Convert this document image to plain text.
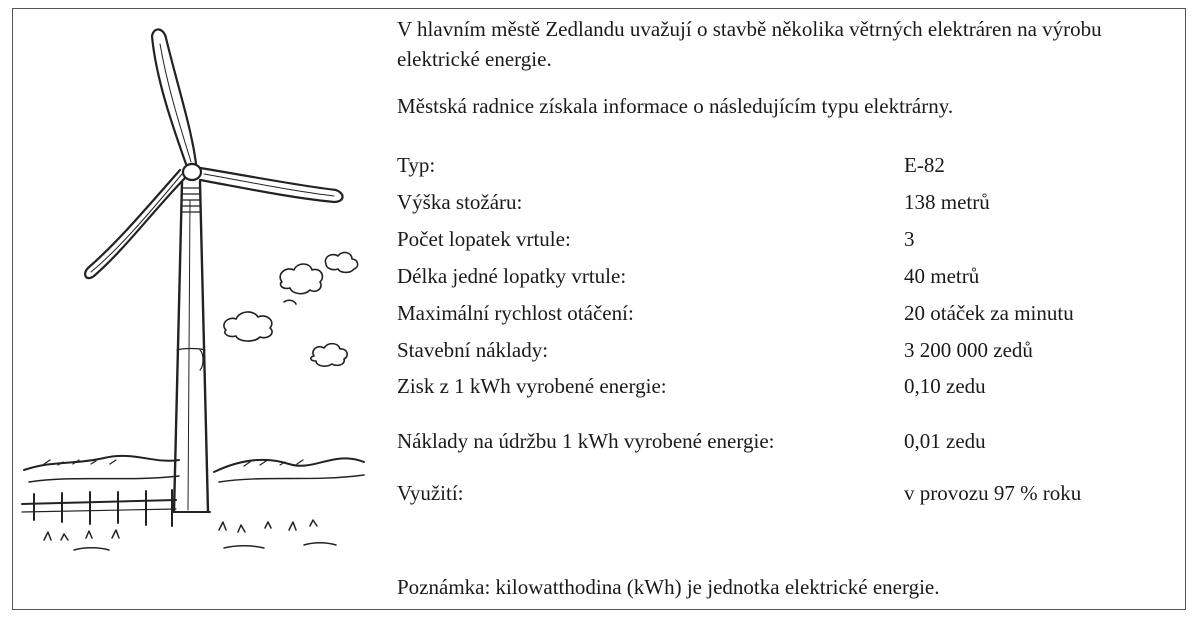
V hlavním městě Zedlandu uvažují o stavbě několika větrných elektráren na výrobu elektrické energie.

Městská radnice získala informace o následujícím typu elektrárny.

Typ:	E-82
Výška stožáru:	138 metrů
Počet lopatek vrtule:	3
Délka jedné lopatky vrtule:	40 metrů
Maximální rychlost otáčení:	20 otáček za minutu
Stavební náklady:	3 200 000 zedů
Zisk z 1 kWh vyrobené energie:	0,10 zedu
Náklady na údržbu 1 kWh vyrobené energie:	0,01 zedu
Využití:	v provozu 97 % roku

Poznámka: kilowatthodina (kWh) je jednotka elektrické energie.
